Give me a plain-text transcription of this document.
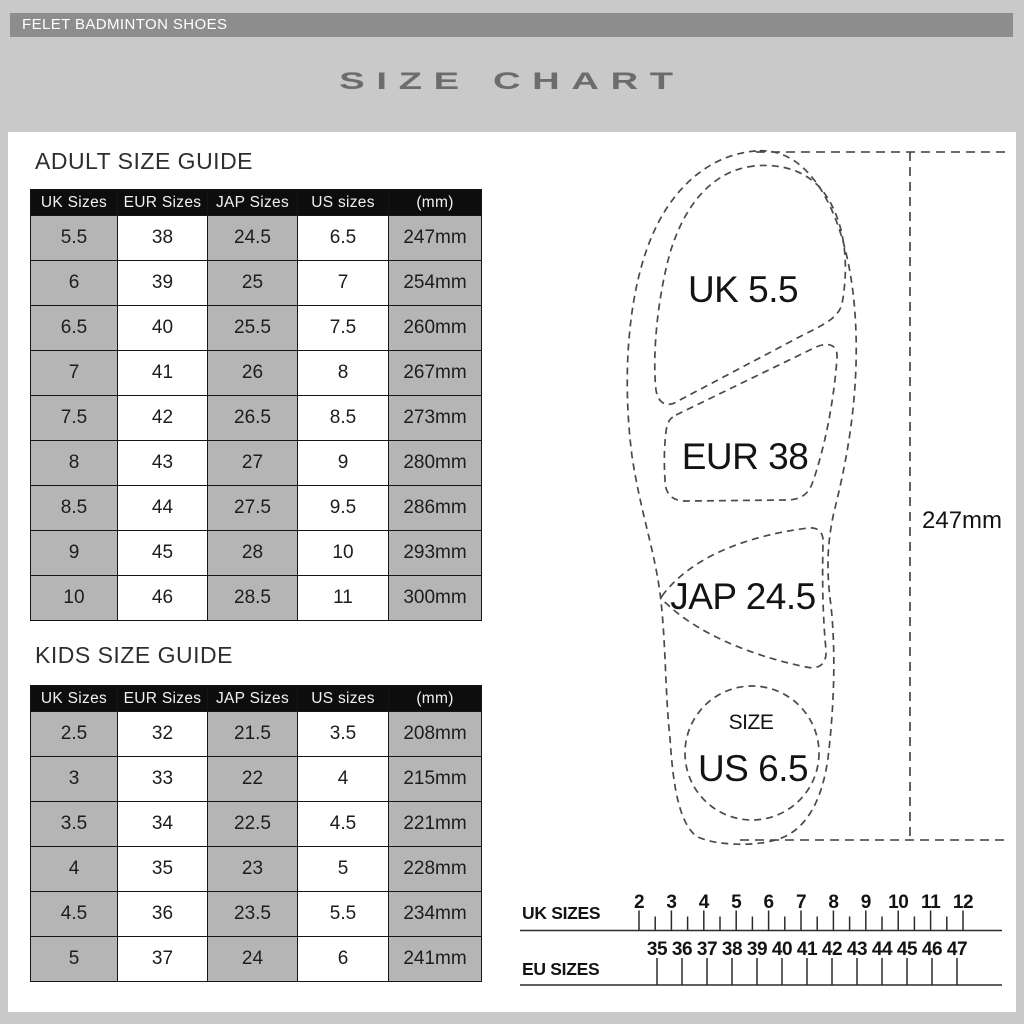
FELET BADMINTON SHOES
SIZE CHART
ADULT SIZE GUIDE
UK Sizes	EUR Sizes	JAP Sizes	US sizes	(mm)
5.5	38	24.5	6.5	247mm
6	39	25	7	254mm
6.5	40	25.5	7.5	260mm
7	41	26	8	267mm
7.5	42	26.5	8.5	273mm
8	43	27	9	280mm
8.5	44	27.5	9.5	286mm
9	45	28	10	293mm
10	46	28.5	11	300mm
KIDS SIZE GUIDE
UK Sizes	EUR Sizes	JAP Sizes	US sizes	(mm)
2.5	32	21.5	3.5	208mm
3	33	22	4	215mm
3.5	34	22.5	4.5	221mm
4	35	23	5	228mm
4.5	36	23.5	5.5	234mm
5	37	24	6	241mm
UK 5.5
EUR 38
JAP 24.5
SIZE
US 6.5
247mm
UK SIZES 2 3 4 5 6 7 8 9 10 11 12
EU SIZES
35 36 37 38 39 40 41 42 43 44 45 46 47
